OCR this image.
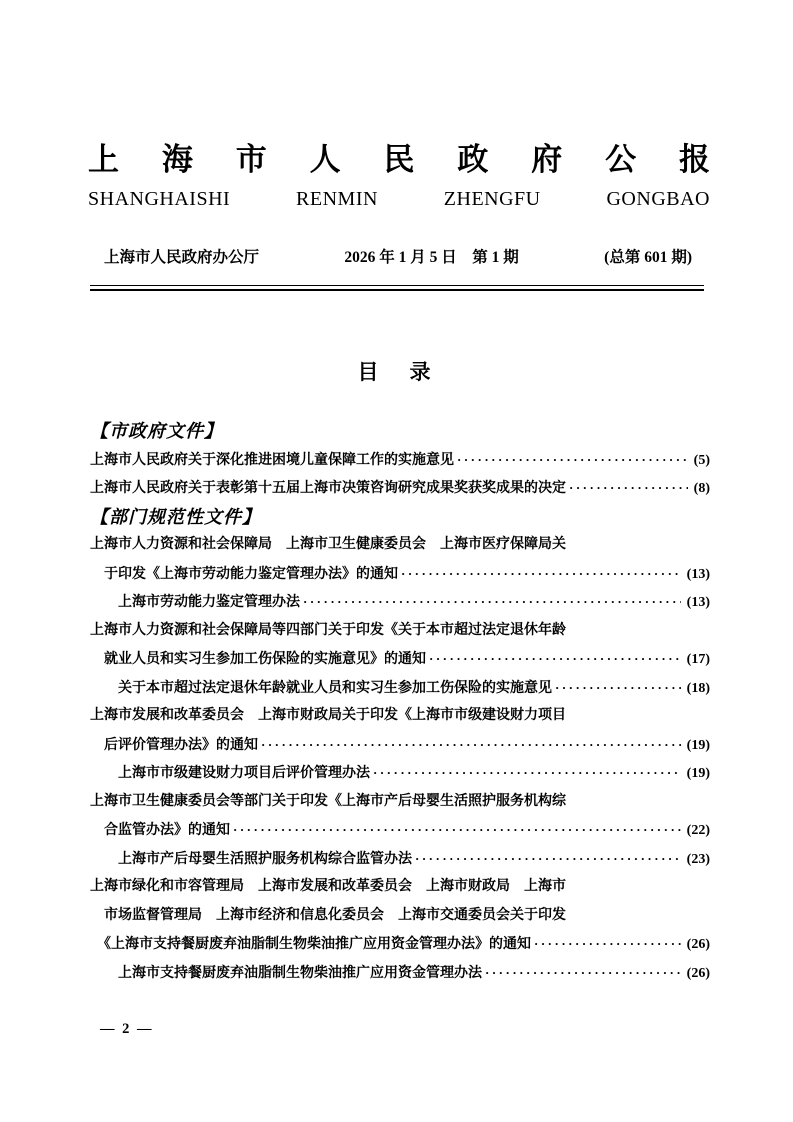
上 海 市 人 民 政 府 公 报
SHANGHAISHI	RENMIN	ZHENGFU	GONGBAO
上海市人民政府办公厅	2026 年 1 月 5 日　第 1 期	(总第 601 期)
目　录
【市政府文件】
上海市人民政府关于深化推进困境儿童保障工作的实施意见 ·····	(5)
上海市人民政府关于表彰第十五届上海市决策咨询研究成果奖获奖成果的决定 ·····	(8)
【部门规范性文件】
上海市人力资源和社会保障局　上海市卫生健康委员会　上海市医疗保障局关
于印发《上海市劳动能力鉴定管理办法》的通知 ·····	(13)
上海市劳动能力鉴定管理办法 ·····	(13)
上海市人力资源和社会保障局等四部门关于印发《关于本市超过法定退休年龄
就业人员和实习生参加工伤保险的实施意见》的通知 ·····	(17)
关于本市超过法定退休年龄就业人员和实习生参加工伤保险的实施意见 ·····	(18)
上海市发展和改革委员会　上海市财政局关于印发《上海市市级建设财力项目
后评价管理办法》的通知 ·····	(19)
上海市市级建设财力项目后评价管理办法 ·····	(19)
上海市卫生健康委员会等部门关于印发《上海市产后母婴生活照护服务机构综
合监管办法》的通知 ·····	(22)
上海市产后母婴生活照护服务机构综合监管办法 ·····	(23)
上海市绿化和市容管理局　上海市发展和改革委员会　上海市财政局　上海市
市场监督管理局　上海市经济和信息化委员会　上海市交通委员会关于印发
《上海市支持餐厨废弃油脂制生物柴油推广应用资金管理办法》的通知 ·····	(26)
上海市支持餐厨废弃油脂制生物柴油推广应用资金管理办法 ·····	(26)
— 2 —
